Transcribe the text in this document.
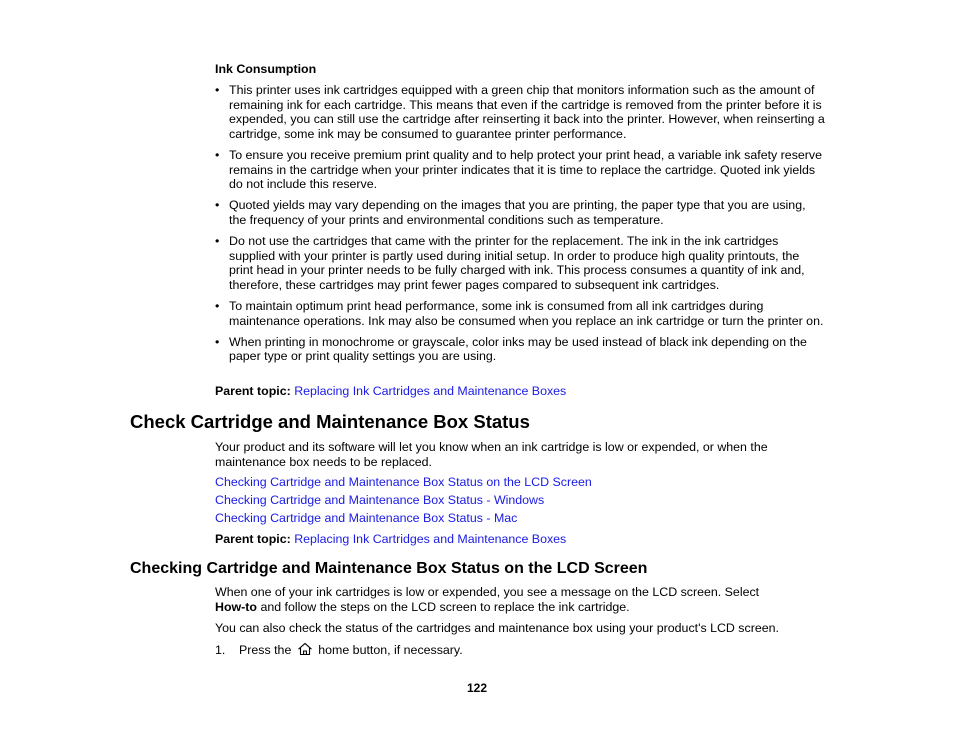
Ink Consumption
• This printer uses ink cartridges equipped with a green chip that monitors information such as the amount of remaining ink for each cartridge. This means that even if the cartridge is removed from the printer before it is expended, you can still use the cartridge after reinserting it back into the printer. However, when reinserting a cartridge, some ink may be consumed to guarantee printer performance.
• To ensure you receive premium print quality and to help protect your print head, a variable ink safety reserve remains in the cartridge when your printer indicates that it is time to replace the cartridge. Quoted ink yields do not include this reserve.
• Quoted yields may vary depending on the images that you are printing, the paper type that you are using, the frequency of your prints and environmental conditions such as temperature.
• Do not use the cartridges that came with the printer for the replacement. The ink in the ink cartridges supplied with your printer is partly used during initial setup. In order to produce high quality printouts, the print head in your printer needs to be fully charged with ink. This process consumes a quantity of ink and, therefore, these cartridges may print fewer pages compared to subsequent ink cartridges.
• To maintain optimum print head performance, some ink is consumed from all ink cartridges during maintenance operations. Ink may also be consumed when you replace an ink cartridge or turn the printer on.
• When printing in monochrome or grayscale, color inks may be used instead of black ink depending on the paper type or print quality settings you are using.
Parent topic: Replacing Ink Cartridges and Maintenance Boxes
Check Cartridge and Maintenance Box Status

Your product and its software will let you know when an ink cartridge is low or expended, or when the maintenance box needs to be replaced.

Checking Cartridge and Maintenance Box Status on the LCD Screen
Checking Cartridge and Maintenance Box Status - Windows
Checking Cartridge and Maintenance Box Status - Mac
Parent topic: Replacing Ink Cartridges and Maintenance Boxes
Checking Cartridge and Maintenance Box Status on the LCD Screen

When one of your ink cartridges is low or expended, you see a message on the LCD screen. Select
How-to and follow the steps on the LCD screen to replace the ink cartridge.

You can also check the status of the cartridges and maintenance box using your product's LCD screen.

1. Press the home button, if necessary.
122
